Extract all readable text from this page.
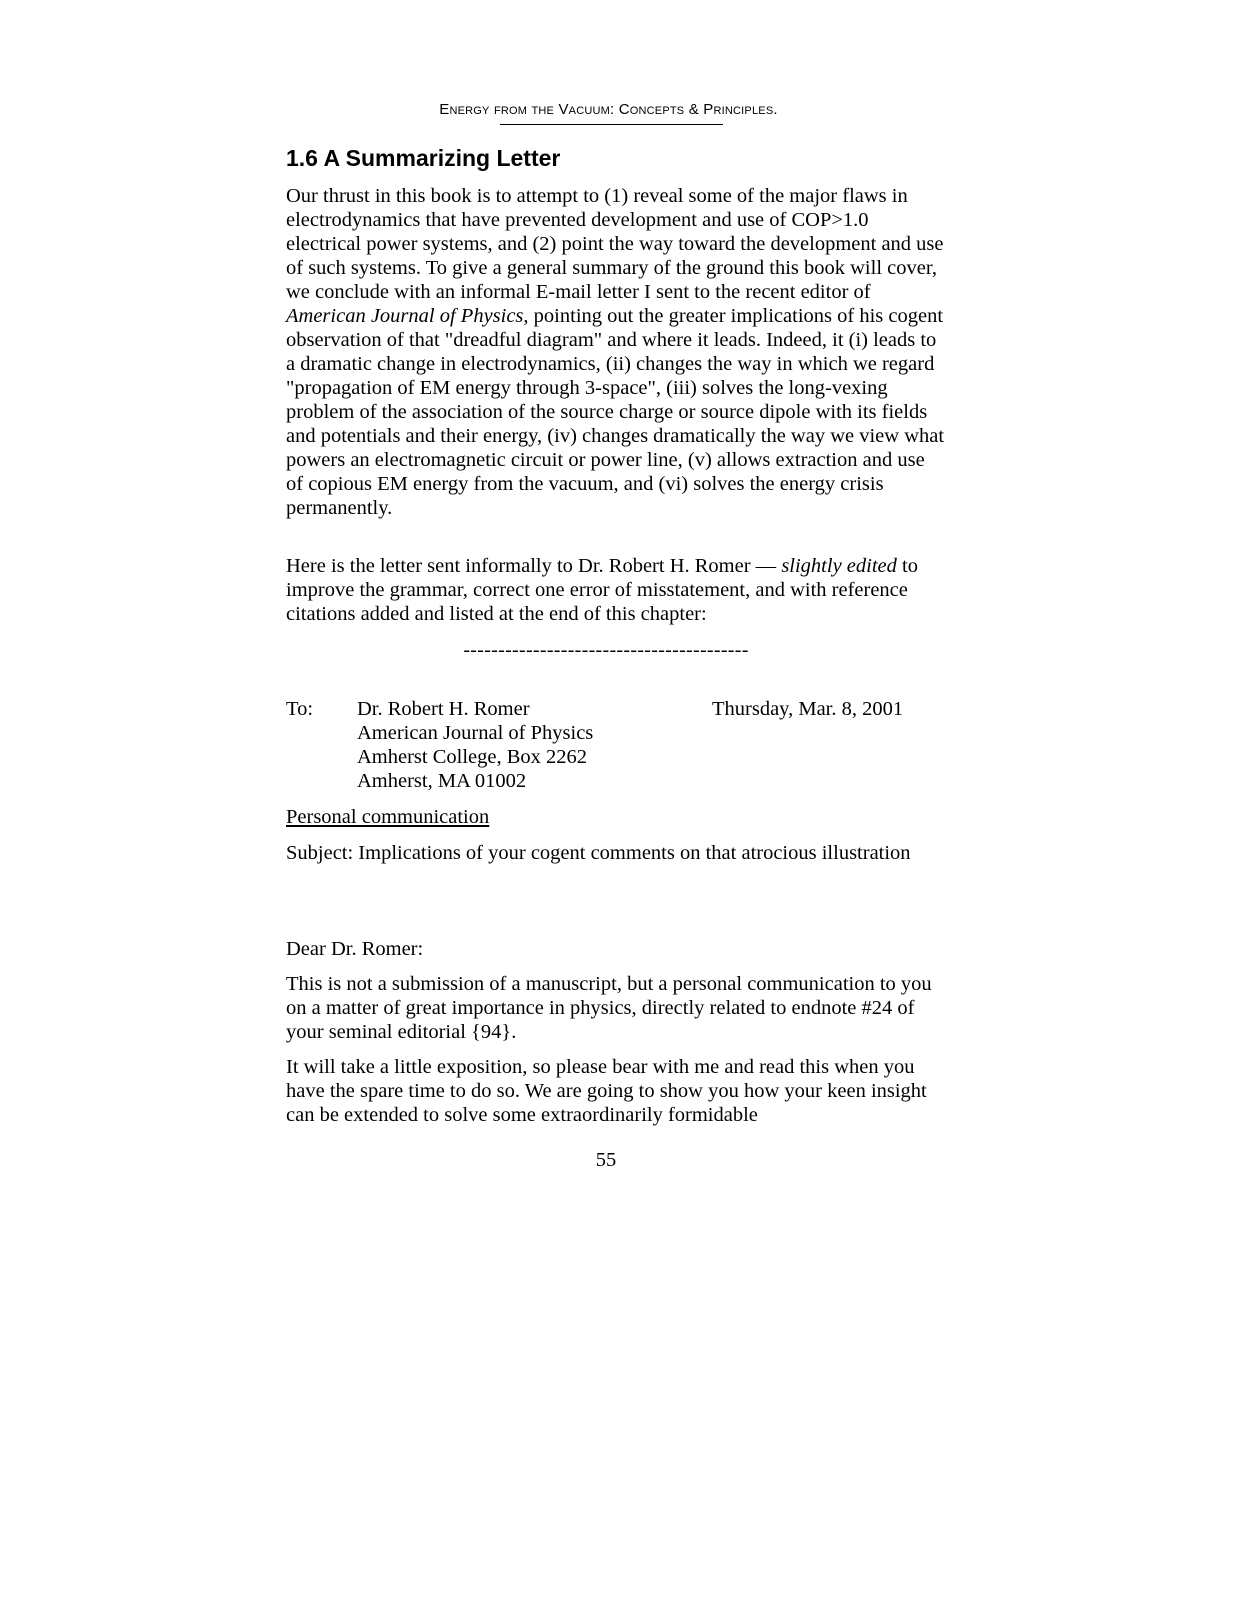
Energy from the Vacuum: Concepts & Principles.
1.6 A Summarizing Letter

Our thrust in this book is to attempt to (1) reveal some of the major flaws in electrodynamics that have prevented development and use of COP>1.0 electrical power systems, and (2) point the way toward the development and use of such systems. To give a general summary of the ground this book will cover, we conclude with an informal E-mail letter I sent to the recent editor of American Journal of Physics, pointing out the greater implications of his cogent observation of that "dreadful diagram" and where it leads. Indeed, it (i) leads to a dramatic change in electrodynamics, (ii) changes the way in which we regard "propagation of EM energy through 3-space", (iii) solves the long-vexing problem of the association of the source charge or source dipole with its fields and potentials and their energy, (iv) changes dramatically the way we view what powers an electromagnetic circuit or power line, (v) allows extraction and use of copious EM energy from the vacuum, and (vi) solves the energy crisis permanently.

Here is the letter sent informally to Dr. Robert H. Romer — slightly edited to improve the grammar, correct one error of misstatement, and with reference citations added and listed at the end of this chapter:

-----------------------------------------
To: Dr. Robert H. Romer
American Journal of Physics
Amherst College, Box 2262
Amherst, MA 01002
Thursday, Mar. 8, 2001
Personal communication
Subject: Implications of your cogent comments on that atrocious illustration
Dear Dr. Romer:
This is not a submission of a manuscript, but a personal communication to you on a matter of great importance in physics, directly related to endnote #24 of your seminal editorial {94}.
It will take a little exposition, so please bear with me and read this when you have the spare time to do so. We are going to show you how your keen insight can be extended to solve some extraordinarily formidable
55
